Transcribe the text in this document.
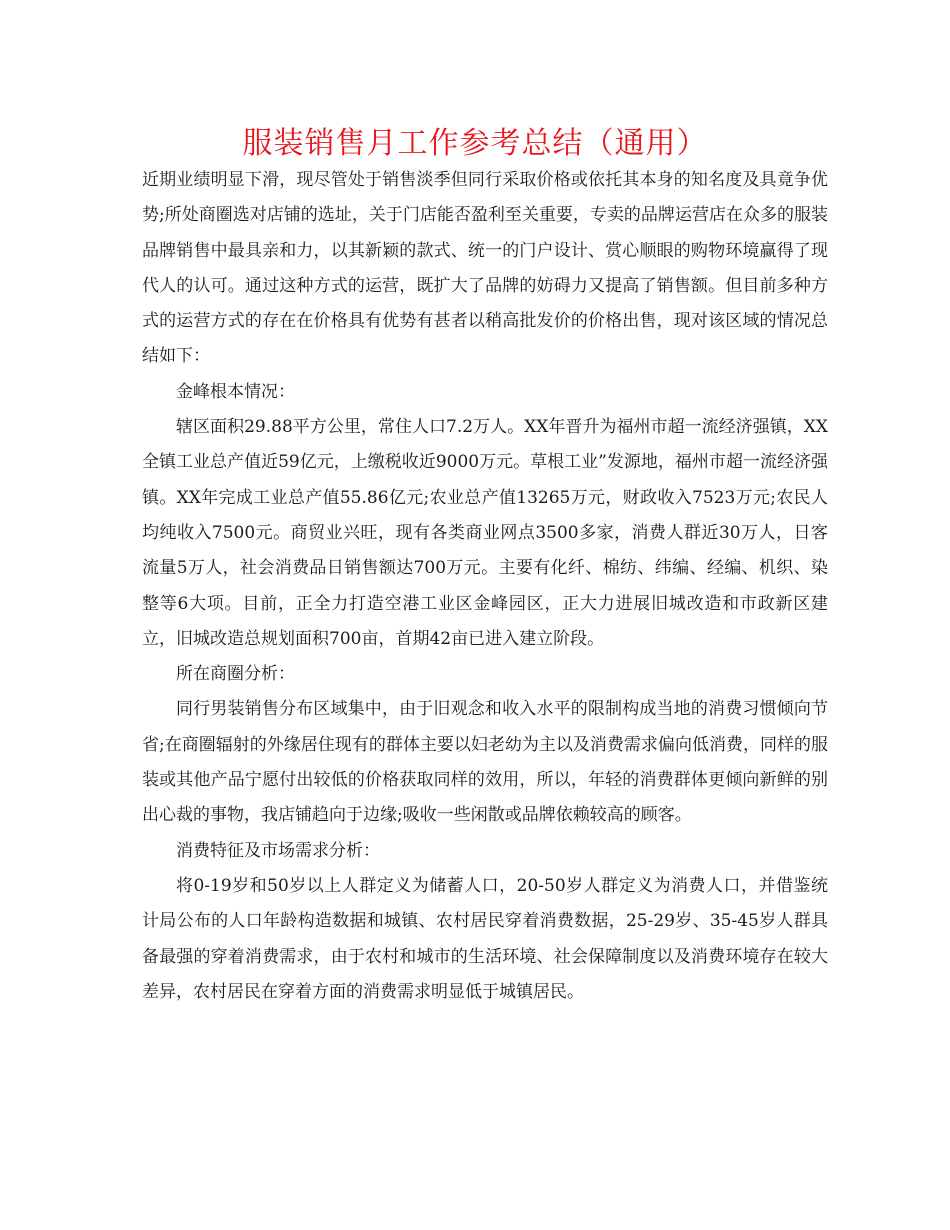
服装销售月工作参考总结（通用）

近期业绩明显下滑，现尽管处于销售淡季但同行采取价格或依托其本身的知名度及具竟争优势;所处商圈选对店铺的选址，关于门店能否盈利至关重要，专卖的品牌运营店在众多的服装品牌销售中最具亲和力，以其新颖的款式、统一的门户设计、赏心顺眼的购物环境赢得了现代人的认可。通过这种方式的运营，既扩大了品牌的妨碍力又提高了销售额。但目前多种方式的运营方式的存在在价格具有优势有甚者以稍高批发价的价格出售，现对该区域的情况总结如下：

金峰根本情况：

辖区面积29.88平方公里，常住人口7.2万人。XX年晋升为福州市超一流经济强镇，XX全镇工业总产值近59亿元，上缴税收近9000万元。草根工业”发源地，福州市超一流经济强镇。XX年完成工业总产值55.86亿元;农业总产值13265万元，财政收入7523万元;农民人均纯收入7500元。商贸业兴旺，现有各类商业网点3500多家，消费人群近30万人，日客流量5万人，社会消费品日销售额达700万元。主要有化纤、棉纺、纬编、经编、机织、染整等6大项。目前，正全力打造空港工业区金峰园区，正大力进展旧城改造和市政新区建立，旧城改造总规划面积700亩，首期42亩已进入建立阶段。

所在商圈分析：

同行男装销售分布区域集中，由于旧观念和收入水平的限制构成当地的消费习惯倾向节省;在商圈辐射的外缘居住现有的群体主要以妇老幼为主以及消费需求偏向低消费，同样的服装或其他产品宁愿付出较低的价格获取同样的效用，所以，年轻的消费群体更倾向新鲜的别出心裁的事物，我店铺趋向于边缘;吸收一些闲散或品牌依赖较高的顾客。

消费特征及市场需求分析：

将0-19岁和50岁以上人群定义为储蓄人口，20-50岁人群定义为消费人口，并借鉴统计局公布的人口年龄构造数据和城镇、农村居民穿着消费数据，25-29岁、35-45岁人群具备最强的穿着消费需求，由于农村和城市的生活环境、社会保障制度以及消费环境存在较大差异，农村居民在穿着方面的消费需求明显低于城镇居民。
